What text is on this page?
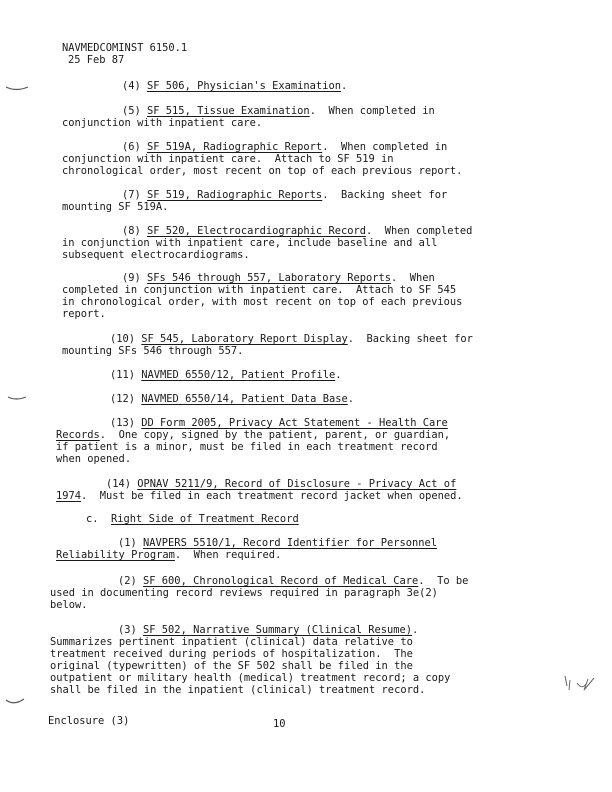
NAVMEDCOMINST 6150.1
25 Feb 87
(4) SF 506, Physician's Examination.
(5) SF 515, Tissue Examination.  When completed in
conjunction with inpatient care.
(6) SF 519A, Radiographic Report.  When completed in
conjunction with inpatient care.  Attach to SF 519 in
chronological order, most recent on top of each previous report.
(7) SF 519, Radiographic Reports.  Backing sheet for
mounting SF 519A.
(8) SF 520, Electrocardiographic Record.  When completed
in conjunction with inpatient care, include baseline and all
subsequent electrocardiograms.
(9) SFs 546 through 557, Laboratory Reports.  When
completed in conjunction with inpatient care.  Attach to SF 545
in chronological order, with most recent on top of each previous
report.
(10) SF 545, Laboratory Report Display.  Backing sheet for
mounting SFs 546 through 557.
(11) NAVMED 6550/12, Patient Profile.
(12) NAVMED 6550/14, Patient Data Base.
(13) DD Form 2005, Privacy Act Statement - Health Care
Records.  One copy, signed by the patient, parent, or guardian,
if patient is a minor, must be filed in each treatment record
when opened.
(14) OPNAV 5211/9, Record of Disclosure - Privacy Act of
1974.  Must be filed in each treatment record jacket when opened.
c.  Right Side of Treatment Record
(1) NAVPERS 5510/1, Record Identifier for Personnel
Reliability Program.  When required.
(2) SF 600, Chronological Record of Medical Care.  To be
used in documenting record reviews required in paragraph 3e(2)
below.
(3) SF 502, Narrative Summary (Clinical Resume).
Summarizes pertinent inpatient (clinical) data relative to
treatment received during periods of hospitalization.  The
original (typewritten) of the SF 502 shall be filed in the
outpatient or military health (medical) treatment record; a copy
shall be filed in the inpatient (clinical) treatment record.
Enclosure (3)	10
